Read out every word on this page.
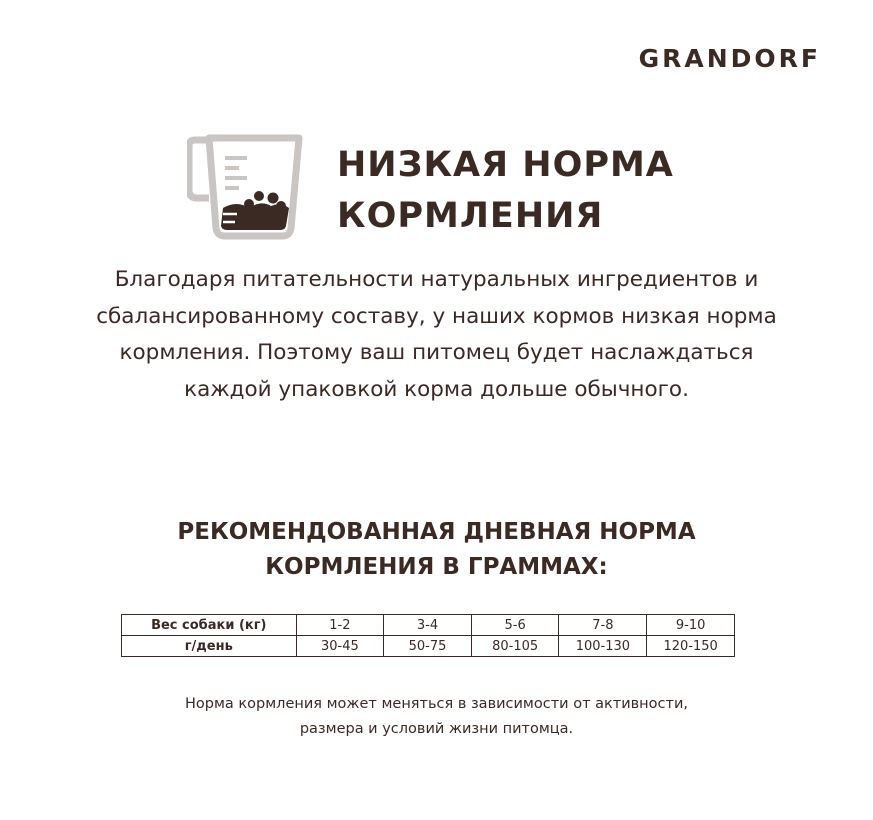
GRANDORF
НИЗКАЯ НОРМА
КОРМЛЕНИЯ
Благодаря питательности натуральных ингредиентов и
сбалансированному составу, у наших кормов низкая норма
кормления. Поэтому ваш питомец будет наслаждаться
каждой упаковкой корма дольше обычного.
РЕКОМЕНДОВАННАЯ ДНЕВНАЯ НОРМА
КОРМЛЕНИЯ В ГРАММАХ:
Вес собаки (кг)	1-2	3-4	5-6	7-8	9-10
г/день	30-45	50-75	80-105	100-130	120-150
Норма кормления может меняться в зависимости от активности,
размера и условий жизни питомца.
